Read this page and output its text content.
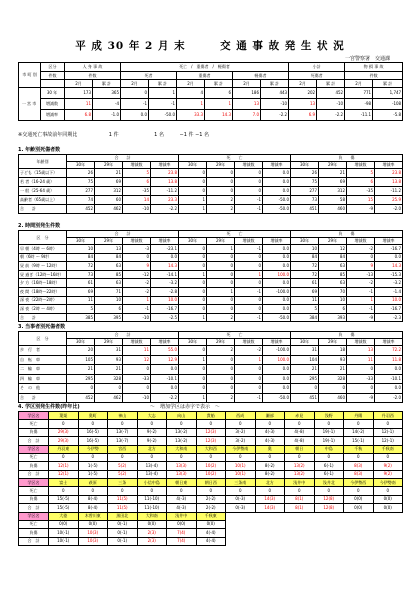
平 成 30 年 2 月 末　　　交 通 事 故 発 生 状 況
一宮警察署　交通課
市 町 別	区分	人 身 事 故		死亡　/　重傷者　/　軽傷者						小計		物 損 事 故	
	件数	件数		死者		重傷者		軽傷者		死傷者		件数	
		2月	累 計	2月	累 計	2月	累 計	2月	累 計	2月	累 計	2月	累 計
一 宮 市	30 年	173	365	0	1	4	6	186	443	202	452	771	1,747
	増減数	11	-4	-1	-1	1	1	13	-10	13	-10	-98	-108
	増減率	6.8	-1.0	0.0	-50.0	33.3	14.3	7.0	-2.2	6.9	-2.2	-11.1	-5.8
※交通死亡事故前年同期比	1 件	1 名	−1 件 −1 名
1. 年齢別死傷者数
年齢別	合　　計				死　　亡				負　　傷			
	30年	29年	増減数	増減率	30年	29年	増減数	増減率	30年	29年	増減数	増減率
子ども（15歳以下）	26	21	5	23.8	0	0	0	0.0	26	21	5	23.8
若 者（16-24 歳）	75	69	6	13.8	0	0	0	0.0	75	69	6	13.8
一 般（25-64 歳）	277	312	-35	-11.2	0	0	0	0.0	277	312	-35	-11.2
高齢者（65歳以上）	74	60	14	23.3	1	2	-1	-50.0	73	58	15	25.9
合　　計	452	462	-10	-2.2	1	2	-1	-50.0	451	460	-9	-2.0
2. 時間別発生件数
区　分	合　　計				死　　亡				負　　傷			
	30年	29年	増減数	増減率	30年	29年	増減数	増減率	30年	29年	増減数	増減率
早 朝（4時 ～ 6時）	10	13	-3	-23.1	0	1	-1	0.0	10	12	-2	-16.7
朝（6時 ～ 9時）	84	84	0	0.0	0	0	0	0.0	84	84	0	0.0
昼 前（9時 ～ 12時）	72	63	9	14.3	0	0	0	0.0	72	63	9	14.3
昼 過ぎ（12時～16時）	73	85	-12	-14.1	1	0	1	100.0	72	85	-13	-15.3
夕 方（16時～18時）	61	63	-2	-3.2	0	0	0	0.0	61	63	-2	-3.2
夜 間（18時～22時）	69	71	-2	-2.8	0	1	-1	-100.0	69	70	-1	-1.4
深 夜（22時～2時）	11	10	1	10.0	0	0	0	0.0	11	10	1	10.0
深 夜（2時 ～ 4時）	5	6	-1	-16.7	0	0	0	0.0	5	6	-1	-16.7
合　　計	385	395	-10	-2.5	1	2	-1	-50.0	384	393	-9	-2.3
3. 当事者別死傷者数
区　分	合　　計				死　　亡				負　　傷			
	30年	29年	増減数	増減率	30年	29年	増減数	増減率	30年	29年	増減数	増減率
歩　行　者	20	31	11	55.0	0	2	-2	-100.0	31	18	13	72.2
自　転　車	105	93	12	12.9	1	0	1	100.0	104	93	11	11.8
二　輪　車	21	21	0	0.0	0	0	0	0.0	21	21	0	0.0
四　輪　車	295	328	-33	-10.1	0	0	0	0.0	295	328	-33	-10.1
そ　の　他	0	0	0	0.0	0	0	0	0.0	0	0	0	0.0
合　　計	452	462	-10	-2.2	1	2	-1	-50.0	451	460	-9	-2.0
4. 学区別発生件数(昨年比)	～　増加学区は赤字で表示　～
学区名	葉栗	奥町	神山	大志	向山	貴船	西成	瀬部	赤見	浅野	丹陽	丹羽西
死亡	0	0	0	0	0	0	0	0	0	0	0	0
負傷	29(3)	16(-5)	13(-7)	9(-2)	13(-2)	12(3)	3(-2)	4(-3)	4(-8)	19(-1)	14(-2)	12(-1)
合　計	29(3)	16(-5)	13(-7)	9(-2)	13(-2)	12(3)	3(-2)	4(-3)	4(-8)	19(-1)	15(-1)	12(-1)
学区名	丹羽東	今伊勢	宮西	北方	大和南	大和西	今伊勢南	奥	朝日	中島	千秋	千秋南
死亡	0	0	0	0	0	0	0	0	0	0	0	0
負傷	12(1)	1(-5)	5(2)	13(-4)	13(3)	10(2)	10(1)	8(-2)	13(2)	6(-1)	8(3)	9(2)
合　計	12(1)	1(-5)	5(2)	13(-4)	13(3)	10(2)	10(1)	8(-2)	13(2)	6(-1)	8(3)	9(2)
学区名	富士	萩原	三条	小信中島	朝日東	朝日西	三条南	北方	浅井中	浅井北	今伊勢西	今伊勢南
死亡	0	0	0	0	0	0	0	0	0	0	0	0
負傷	15(-5)	8(-4)	11(5)	11(-10)	4(-3)	2(-2)	0(-3)	14(3)	8(1)	12(8)	0(0)	0(0)
合　計	15(-5)	8(-4)	11(5)	11(-10)	4(-3)	2(-2)	0(-3)	14(3)	8(1)	12(8)	0(0)	0(0)
学区名	大徳	木曽川東	黒田北	大和南	浅井中	千秋東						
死亡	0(0)	0(0)	0(-1)	0(0)	0(0)	0(0)						
負傷	10(-1)	10(3)	0(-1)	2(3)	7(4)	4(-4)						
合　計	10(-1)	10(3)	0(-1)	2(3)	7(4)	4(-4)						
